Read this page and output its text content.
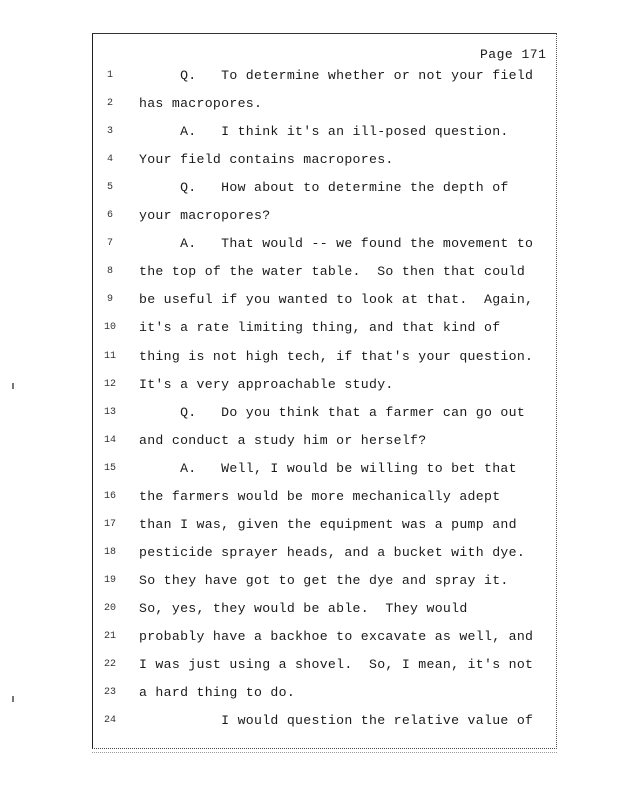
Page 171
1	Q.   To determine whether or not your field
2	has macropores.
3	A.   I think it's an ill-posed question.
4	Your field contains macropores.
5	Q.   How about to determine the depth of
6	your macropores?
7	A.   That would -- we found the movement to
8	the top of the water table.  So then that could
9	be useful if you wanted to look at that.  Again,
10	it's a rate limiting thing, and that kind of
11	thing is not high tech, if that's your question.
12	It's a very approachable study.
13	Q.   Do you think that a farmer can go out
14	and conduct a study him or herself?
15	A.   Well, I would be willing to bet that
16	the farmers would be more mechanically adept
17	than I was, given the equipment was a pump and
18	pesticide sprayer heads, and a bucket with dye.
19	So they have got to get the dye and spray it.
20	So, yes, they would be able.  They would
21	probably have a backhoe to excavate as well, and
22	I was just using a shovel.  So, I mean, it's not
23	a hard thing to do.
24	I would question the relative value of
